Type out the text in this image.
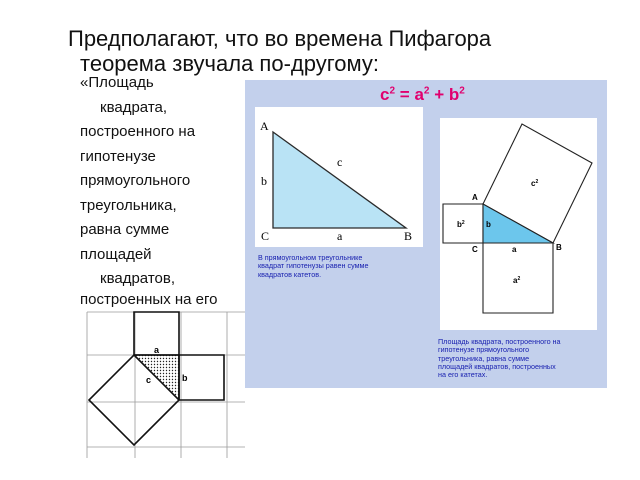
Предполагают, что во времена Пифагора
теорема звучала по-другому:
«Площадь
квадрата,
построенного на
гипотенузе
прямоугольного
треугольника,
равна сумме
площадей
квадратов,
построенных на его
$c^2 = a^2 + b^2$
A
b
c
C	a	B
A
C	B
b
a
$c^2$
$b^2$
$a^2$
a
b
c
В прямоугольном треугольнике
квадрат гипотенузы равен сумме
квадратов катетов.
Площадь квадрата, построенного на
гипотенузе прямоугольного
треугольника, равна сумме
площадей квадратов, построенных
на его катетах.
